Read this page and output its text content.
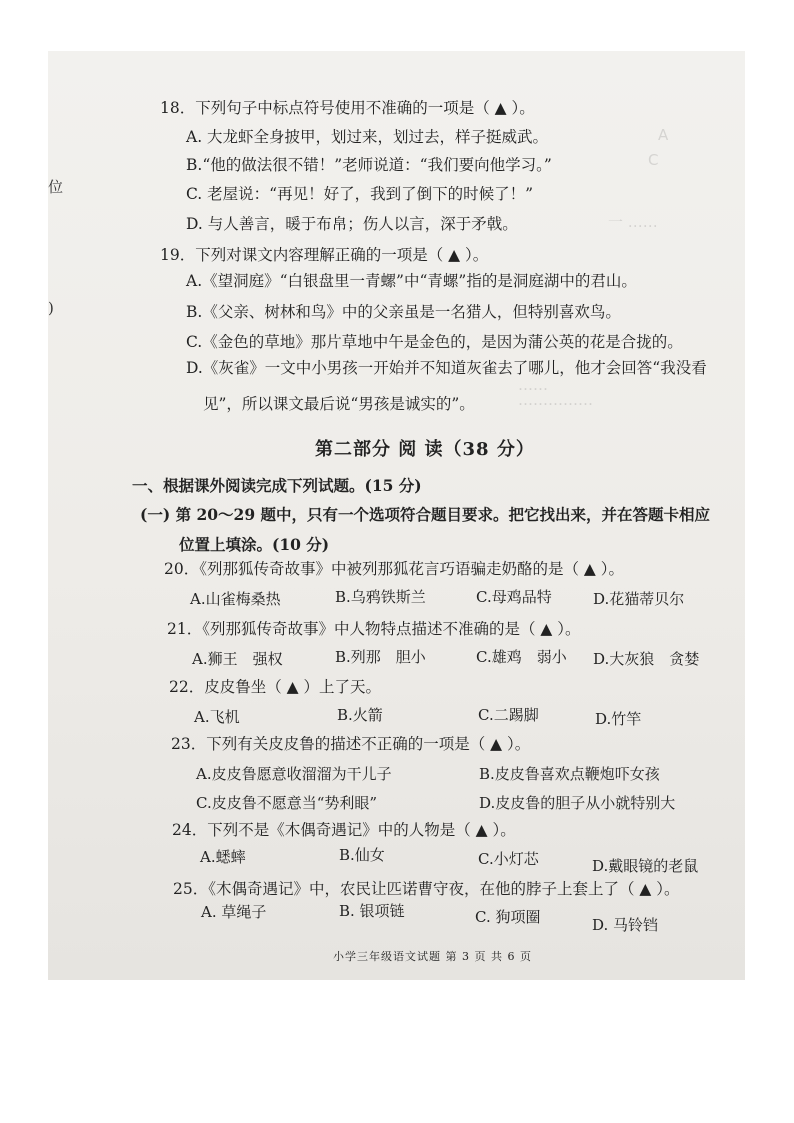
A
C
一 ……
……
……………
位
)
18．下列句子中标点符号使用不准确的一项是（ ▲ ）。
A. 大龙虾全身披甲，划过来，划过去，样子挺威武。
B.“他的做法很不错！”老师说道：“我们要向他学习。”
C. 老屋说：“再见！好了，我到了倒下的时候了！”
D. 与人善言，暖于布帛；伤人以言，深于矛戟。
19．下列对课文内容理解正确的一项是（ ▲ ）。
A.《望洞庭》“白银盘里一青螺”中“青螺”指的是洞庭湖中的君山。
B.《父亲、树林和鸟》中的父亲虽是一名猎人，但特别喜欢鸟。
C.《金色的草地》那片草地中午是金色的，是因为蒲公英的花是合拢的。
D.《灰雀》一文中小男孩一开始并不知道灰雀去了哪儿，他才会回答“我没看
见”，所以课文最后说“男孩是诚实的”。
第二部分 阅 读（38 分）
一、根据课外阅读完成下列试题。(15 分)
(一) 第 20～29 题中，只有一个选项符合题目要求。把它找出来，并在答题卡相应
位置上填涂。(10 分)
20．《列那狐传奇故事》中被列那狐花言巧语骗走奶酪的是（ ▲ ）。
A.山雀梅桑热	B.乌鸦铁斯兰	C.母鸡品特	D.花猫蒂贝尔
21．《列那狐传奇故事》中人物特点描述不准确的是（ ▲ ）。
A.狮王　强权	B.列那　胆小	C.雄鸡　弱小 D.大灰狼　贪婪
22．皮皮鲁坐（ ▲ ）上了天。
A.飞机	B.火箭	C.二踢脚	D.竹竿
23．下列有关皮皮鲁的描述不正确的一项是（ ▲ ）。
A.皮皮鲁愿意收溜溜为干儿子	B.皮皮鲁喜欢点鞭炮吓女孩
C.皮皮鲁不愿意当“势利眼”	D.皮皮鲁的胆子从小就特别大
24．下列不是《木偶奇遇记》中的人物是（ ▲ ）。
A.蟋蟀	B.仙女	C.小灯芯	D.戴眼镜的老鼠
25．《木偶奇遇记》中，农民让匹诺曹守夜，在他的脖子上套上了（ ▲ ）。
A. 草绳子	B. 银项链	C. 狗项圈	D. 马铃铛
小学三年级语文试题 第 3 页 共 6 页
